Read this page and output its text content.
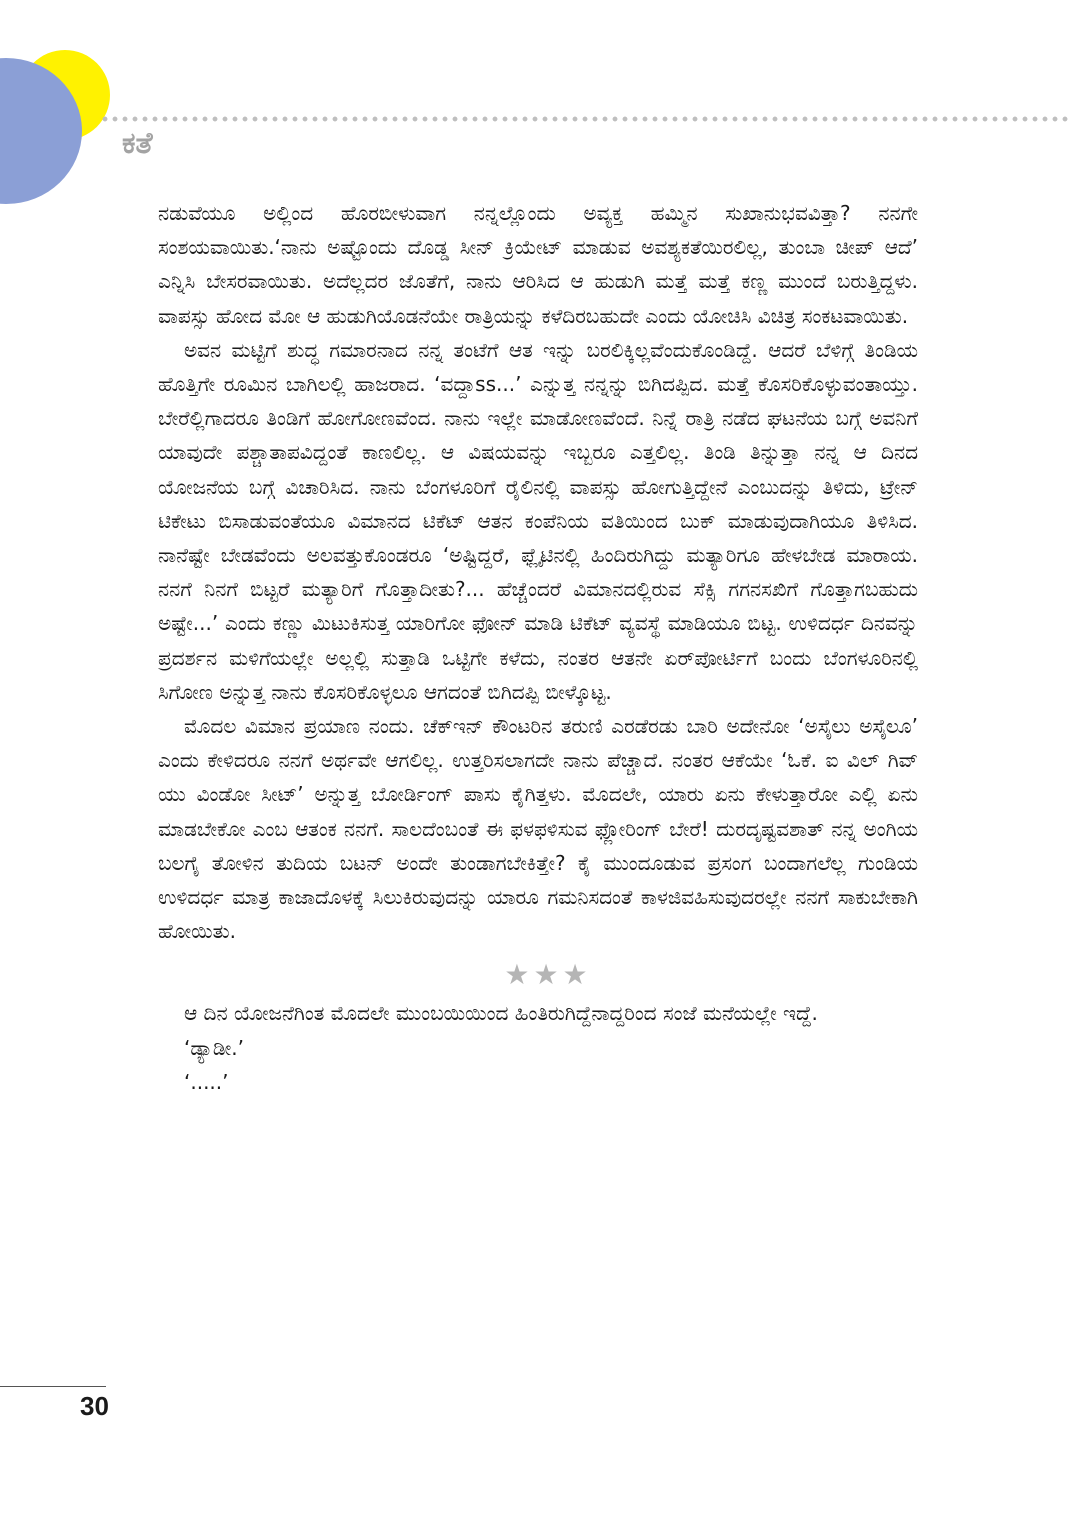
ಕತೆ

ನಡುವೆಯೂ ಅಲ್ಲಿಂದ ಹೊರಬೀಳುವಾಗ ನನ್ನಲ್ಲೊಂದು ಅವ್ಯಕ್ತ ಹಮ್ಮಿನ ಸುಖಾನುಭವವಿತ್ತಾ? ನನಗೇ ಸಂಶಯವಾಯಿತು.‘ನಾನು ಅಷ್ಟೊಂದು ದೊಡ್ಡ ಸೀನ್ ಕ್ರಿಯೇಟ್ ಮಾಡುವ ಅವಶ್ಯಕತೆಯಿರಲಿಲ್ಲ, ತುಂಬಾ ಚೀಪ್ ಆದೆ’ ಎನ್ನಿಸಿ ಬೇಸರವಾಯಿತು. ಅದೆಲ್ಲದರ ಜೊತೆಗೆ, ನಾನು ಆರಿಸಿದ ಆ ಹುಡುಗಿ ಮತ್ತೆ ಮತ್ತೆ ಕಣ್ಣ ಮುಂದೆ ಬರುತ್ತಿದ್ದಳು. ವಾಪಸ್ಸು ಹೋದ ಮೋ ಆ ಹುಡುಗಿಯೊಡನೆಯೇ ರಾತ್ರಿಯನ್ನು ಕಳೆದಿರಬಹುದೇ ಎಂದು ಯೋಚಿಸಿ ವಿಚಿತ್ರ ಸಂಕಟವಾಯಿತು.

ಅವನ ಮಟ್ಟಿಗೆ ಶುದ್ಧ ಗಮಾರನಾದ ನನ್ನ ತಂಟೆಗೆ ಆತ ಇನ್ನು ಬರಲಿಕ್ಕಿಲ್ಲವೆಂದುಕೊಂಡಿದ್ದೆ. ಆದರೆ ಬೆಳಿಗ್ಗೆ ತಿಂಡಿಯ ಹೊತ್ತಿಗೇ ರೂಮಿನ ಬಾಗಿಲಲ್ಲಿ ಹಾಜರಾದ. ‘ವದ್ದಾss...’ ಎನ್ನುತ್ತ ನನ್ನನ್ನು ಬಿಗಿದಪ್ಪಿದ. ಮತ್ತೆ ಕೊಸರಿಕೊಳ್ಳುವಂತಾಯ್ತು. ಬೇರೆಲ್ಲಿಗಾದರೂ ತಿಂಡಿಗೆ ಹೋಗೋಣವೆಂದ. ನಾನು ಇಲ್ಲೇ ಮಾಡೋಣವೆಂದೆ. ನಿನ್ನೆ ರಾತ್ರಿ ನಡೆದ ಘಟನೆಯ ಬಗ್ಗೆ ಅವನಿಗೆ ಯಾವುದೇ ಪಶ್ಚಾತಾಪವಿದ್ದಂತೆ ಕಾಣಲಿಲ್ಲ. ಆ ವಿಷಯವನ್ನು ಇಬ್ಬರೂ ಎತ್ತಲಿಲ್ಲ. ತಿಂಡಿ ತಿನ್ನುತ್ತಾ ನನ್ನ ಆ ದಿನದ ಯೋಜನೆಯ ಬಗ್ಗೆ ವಿಚಾರಿಸಿದ. ನಾನು ಬೆಂಗಳೂರಿಗೆ ರೈಲಿನಲ್ಲಿ ವಾಪಸ್ಸು ಹೋಗುತ್ತಿದ್ದೇನೆ ಎಂಬುದನ್ನು ತಿಳಿದು, ಟ್ರೇನ್ ಟಿಕೇಟು ಬಿಸಾಡುವಂತೆಯೂ ವಿಮಾನದ ಟಿಕೆಟ್ ಆತನ ಕಂಪೆನಿಯ ವತಿಯಿಂದ ಬುಕ್ ಮಾಡುವುದಾಗಿಯೂ ತಿಳಿಸಿದ. ನಾನೆಷ್ಟೇ ಬೇಡವೆಂದು ಅಲವತ್ತುಕೊಂಡರೂ ‘ಅಷ್ಟಿದ್ದರೆ, ಫ್ಲೈಟಿನಲ್ಲಿ ಹಿಂದಿರುಗಿದ್ದು ಮತ್ಯಾರಿಗೂ ಹೇಳಬೇಡ ಮಾರಾಯ. ನನಗೆ ನಿನಗೆ ಬಿಟ್ಟರೆ ಮತ್ಯಾರಿಗೆ ಗೊತ್ತಾದೀತು?... ಹೆಚ್ಚೆಂದರೆ ವಿಮಾನದಲ್ಲಿರುವ ಸೆಕ್ಸಿ ಗಗನಸಖಿಗೆ ಗೊತ್ತಾಗಬಹುದು ಅಷ್ಟೇ...’ ಎಂದು ಕಣ್ಣು ಮಿಟುಕಿಸುತ್ತ ಯಾರಿಗೋ ಫೋನ್ ಮಾಡಿ ಟಿಕೆಟ್ ವ್ಯವಸ್ಥೆ ಮಾಡಿಯೂ ಬಿಟ್ಟ. ಉಳಿದರ್ಧ ದಿನವನ್ನು ಪ್ರದರ್ಶನ ಮಳಿಗೆಯಲ್ಲೇ ಅಲ್ಲಲ್ಲಿ ಸುತ್ತಾಡಿ ಒಟ್ಟಿಗೇ ಕಳೆದು, ನಂತರ ಆತನೇ ಏರ್‌ಪೋರ್ಟಿಗೆ ಬಂದು ಬೆಂಗಳೂರಿನಲ್ಲಿ ಸಿಗೋಣ ಅನ್ನುತ್ತ ನಾನು ಕೊಸರಿಕೊಳ್ಳಲೂ ಆಗದಂತೆ ಬಿಗಿದಪ್ಪಿ ಬೀಳ್ಕೊಟ್ಟ.

ಮೊದಲ ವಿಮಾನ ಪ್ರಯಾಣ ನಂದು. ಚೆಕ್‌ಇನ್ ಕೌಂಟರಿನ ತರುಣಿ ಎರಡೆರಡು ಬಾರಿ ಅದೇನೋ ‘ಅಸೈಲು ಅಸೈಲೂ’ ಎಂದು ಕೇಳಿದರೂ ನನಗೆ ಅರ್ಥವೇ ಆಗಲಿಲ್ಲ. ಉತ್ತರಿಸಲಾಗದೇ ನಾನು ಪೆಚ್ಚಾದೆ. ನಂತರ ಆಕೆಯೇ ‘ಓಕೆ. ಐ ವಿಲ್ ಗಿವ್ ಯು ವಿಂಡೋ ಸೀಟ್’ ಅನ್ನುತ್ತ ಬೋರ್ಡಿಂಗ್ ಪಾಸು ಕೈಗಿತ್ತಳು. ಮೊದಲೇ, ಯಾರು ಏನು ಕೇಳುತ್ತಾರೋ ಎಲ್ಲಿ ಏನು ಮಾಡಬೇಕೋ ಎಂಬ ಆತಂಕ ನನಗೆ. ಸಾಲದೆಂಬಂತೆ ಈ ಫಳಫಳಿಸುವ ಫ್ಲೋರಿಂಗ್ ಬೇರೆ! ದುರದೃಷ್ಟವಶಾತ್ ನನ್ನ ಅಂಗಿಯ ಬಲಗೈ ತೋಳಿನ ತುದಿಯ ಬಟನ್ ಅಂದೇ ತುಂಡಾಗಬೇಕಿತ್ತೇ? ಕೈ ಮುಂದೂಡುವ ಪ್ರಸಂಗ ಬಂದಾಗಲೆಲ್ಲ ಗುಂಡಿಯ ಉಳಿದರ್ಧ ಮಾತ್ರ ಕಾಜಾದೊಳಕ್ಕೆ ಸಿಲುಕಿರುವುದನ್ನು ಯಾರೂ ಗಮನಿಸದಂತೆ ಕಾಳಜಿವಹಿಸುವುದರಲ್ಲೇ ನನಗೆ ಸಾಕುಬೇಕಾಗಿ ಹೋಯಿತು.

★★★

ಆ ದಿನ ಯೋಜನೆಗಿಂತ ಮೊದಲೇ ಮುಂಬಯಿಯಿಂದ ಹಿಂತಿರುಗಿದ್ದೆನಾದ್ದರಿಂದ ಸಂಜೆ ಮನೆಯಲ್ಲೇ ಇದ್ದೆ.

‘ಡ್ಯಾಡೀ.’

‘.....’

30
